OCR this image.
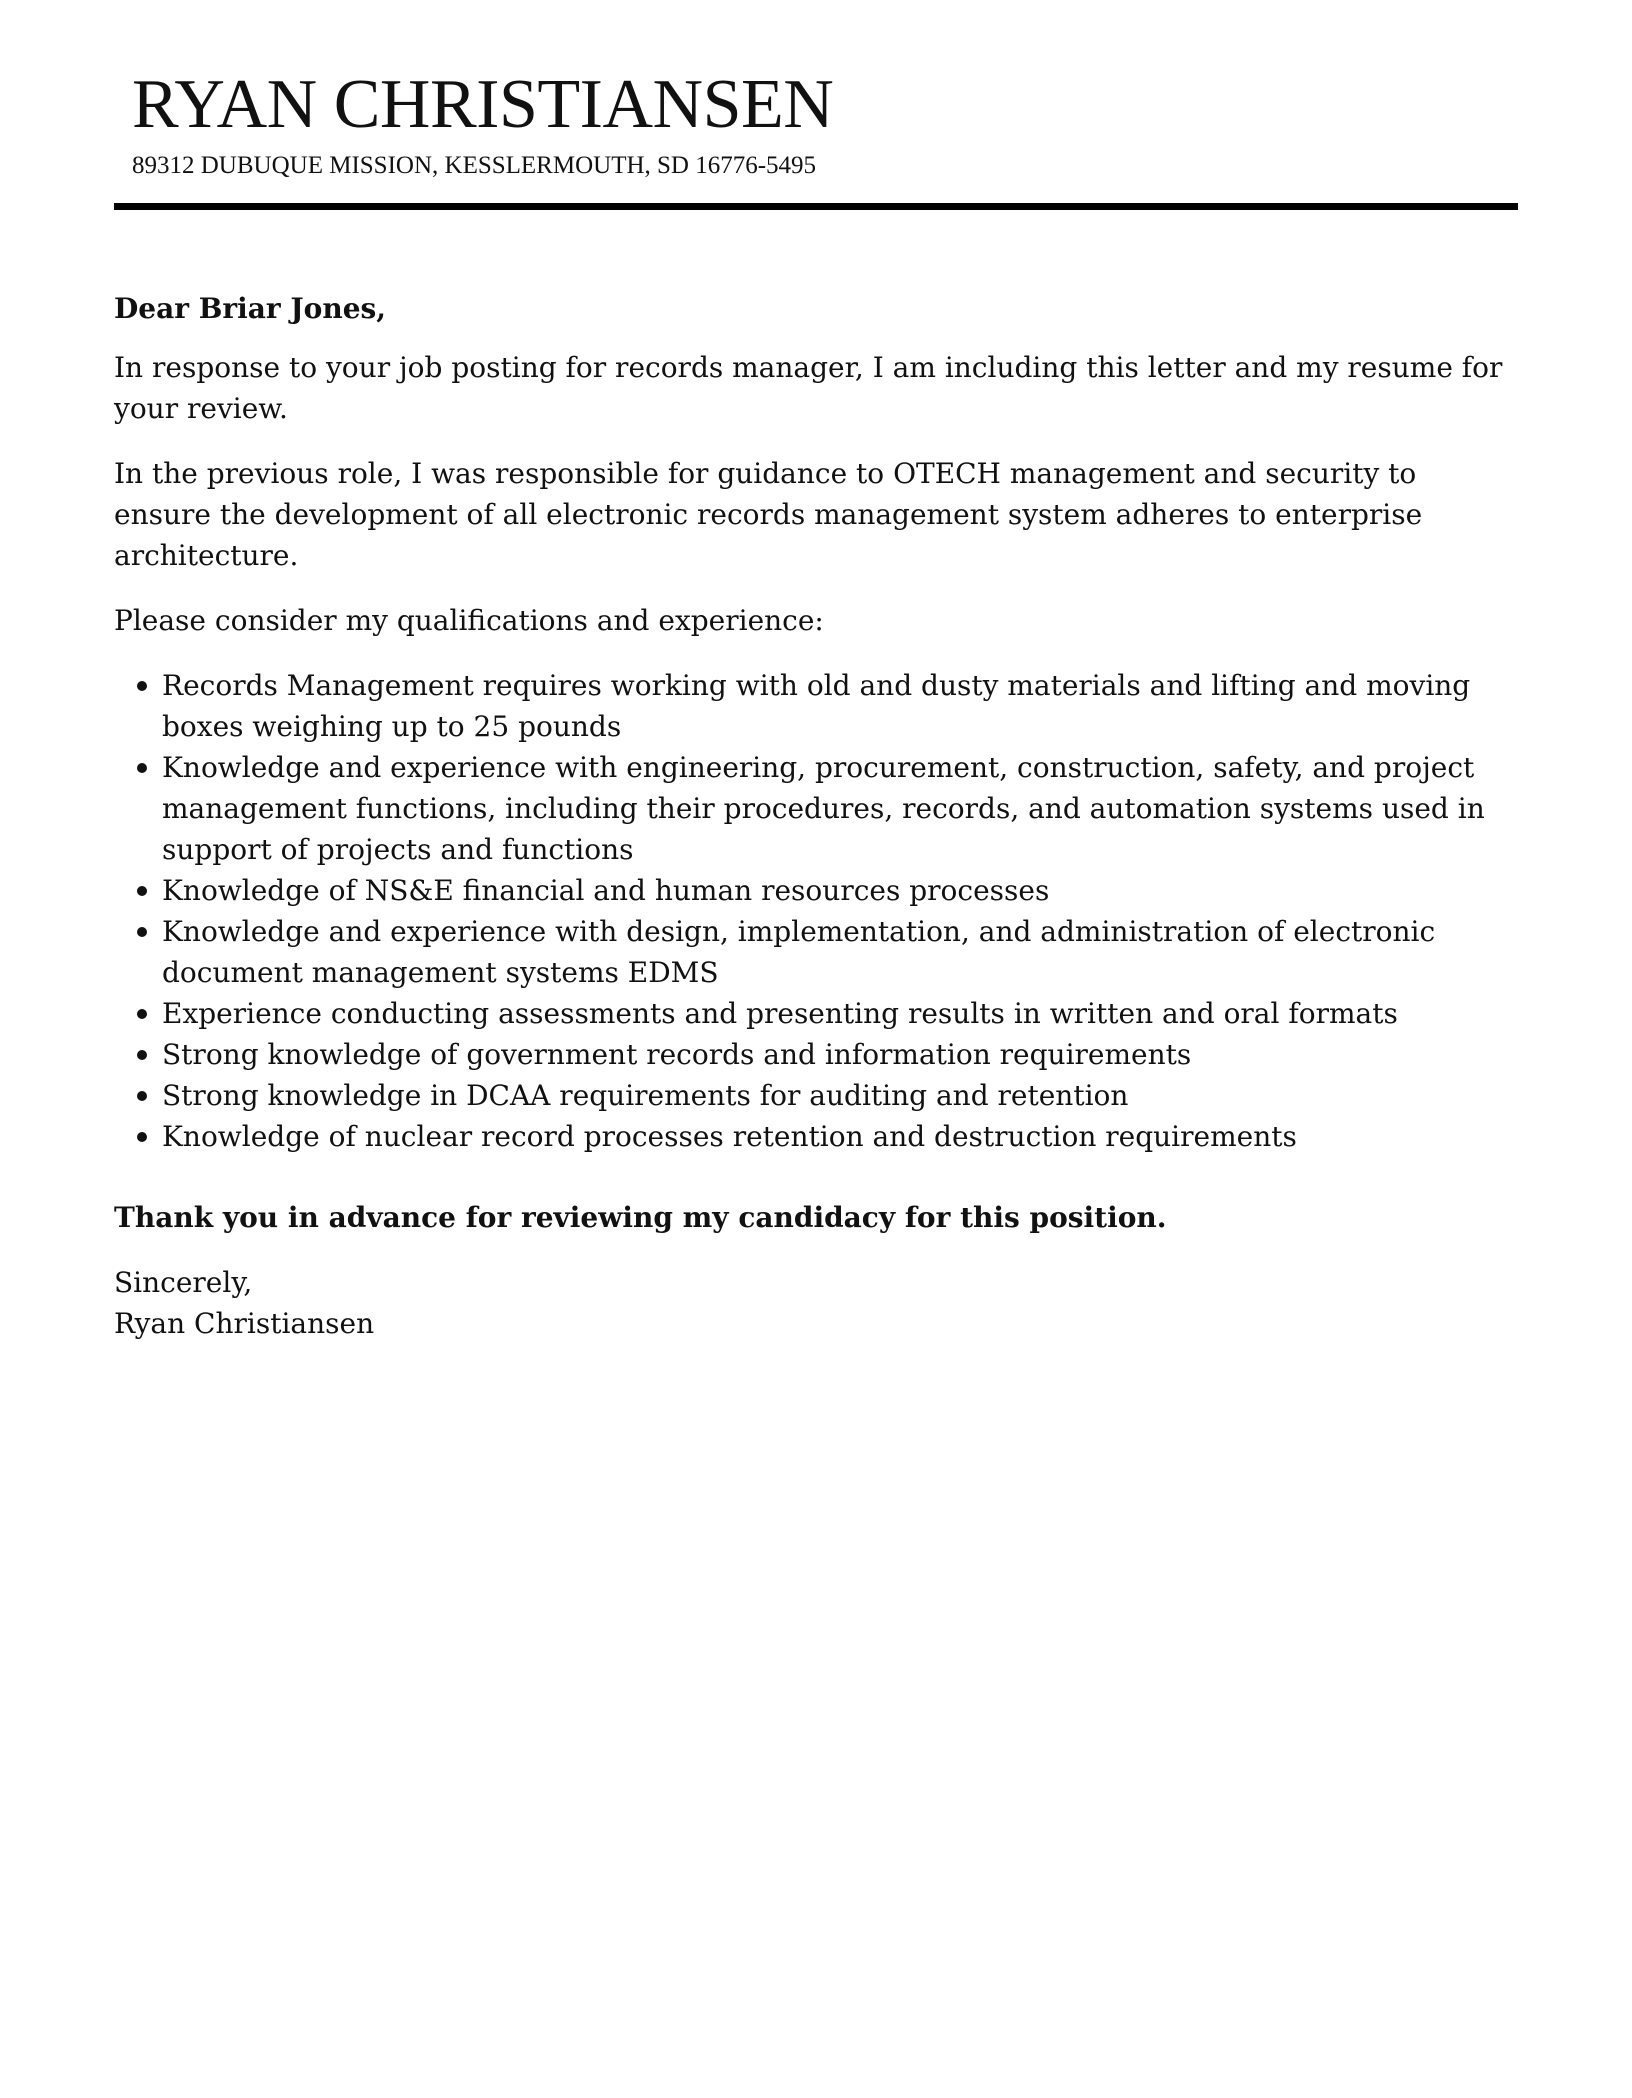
RYAN CHRISTIANSEN
89312 DUBUQUE MISSION, KESSLERMOUTH, SD 16776-5495

Dear Briar Jones,

In response to your job posting for records manager, I am including this letter and my resume for your review.

In the previous role, I was responsible for guidance to OTECH management and security to ensure the development of all electronic records management system adheres to enterprise architecture.

Please consider my qualifications and experience:

Records Management requires working with old and dusty materials and lifting and moving boxes weighing up to 25 pounds
Knowledge and experience with engineering, procurement, construction, safety, and project management functions, including their procedures, records, and automation systems used in support of projects and functions
Knowledge of NS&E financial and human resources processes
Knowledge and experience with design, implementation, and administration of electronic document management systems EDMS
Experience conducting assessments and presenting results in written and oral formats
Strong knowledge of government records and information requirements
Strong knowledge in DCAA requirements for auditing and retention
Knowledge of nuclear record processes retention and destruction requirements

Thank you in advance for reviewing my candidacy for this position.

Sincerely,

Ryan Christiansen
